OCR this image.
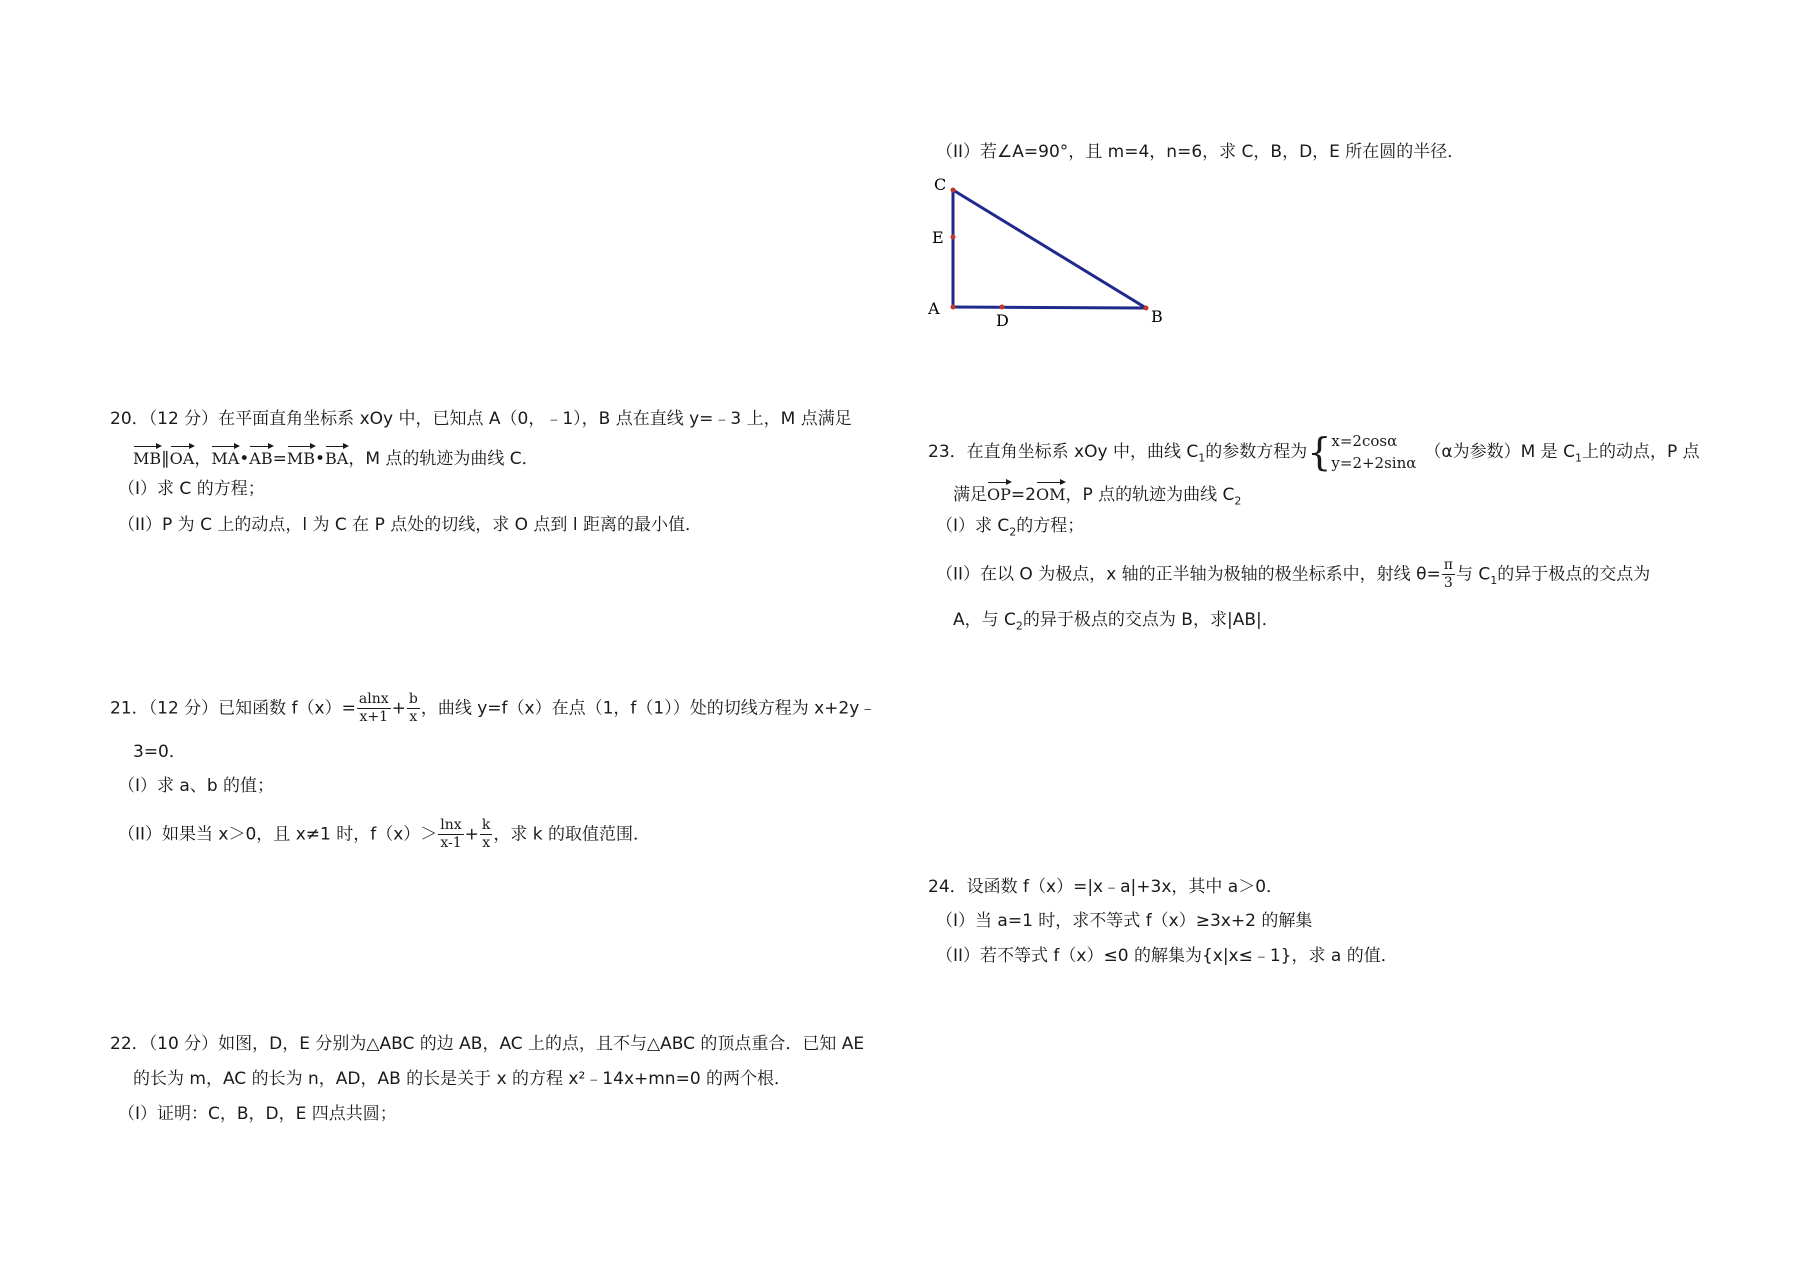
20．（12 分）在平面直角坐标系 xOy 中，已知点 A（0，﹣1），B 点在直线 y=﹣3 上，M 点满足
MB∥OA，MA•AB=MB•BA，M 点的轨迹为曲线 C．
（I）求 C 的方程；
（II）P 为 C 上的动点，l 为 C 在 P 点处的切线，求 O 点到 l 距离的最小值．
21．（12 分）已知函数 $f(x)= \frac{alnx}{x+1} + \frac{b}{x}$ ，曲线 y=f（x）在点（1，f（1））处的切线方程为 x+2y﹣
3=0．
（I）求 a、b 的值；
（II）如果当 x＞0，且 x≠1 时，$f(x)> \frac{\ln x}{x-1} + \frac{k}{x}$ ，求 k 的取值范围．
22．（10 分）如图，D，E 分别为△ABC 的边 AB，AC 上的点，且不与△ABC 的顶点重合．已知 AE
的长为 m，AC 的长为 n，AD，AB 的长是关于 x 的方程 x²﹣14x+mn=0 的两个根．
（I）证明：C，B，D，E 四点共圆；
（II）若∠A=90°，且 m=4，n=6，求 C，B，D，E 所在圆的半径．
C
E
A
D	B
23．在直角坐标系 xOy 中，曲线 $C_1$的参数方程为{ x=2cosα
y=2+2sinα
（α为参数）M 是 $C_1$上的动点，P 点
满足OP=2OM，P 点的轨迹为曲线 $C_2$
（I）求 $C_2$的方程；
（II）在以 O 为极点，x 轴的正半轴为极轴的极坐标系中，射线 $\theta= \frac{\pi}{3}$ 与 $C_1$的异于极点的交点为
A，与 $C_2$的异于极点的交点为 B，求|AB|．
24．设函数 f（x）=|x﹣a|+3x，其中 a＞0．
（I）当 a=1 时，求不等式 f（x）≥3x+2 的解集
（II）若不等式 f（x）≤0 的解集为{x|x≤﹣1}，求 a 的值．
